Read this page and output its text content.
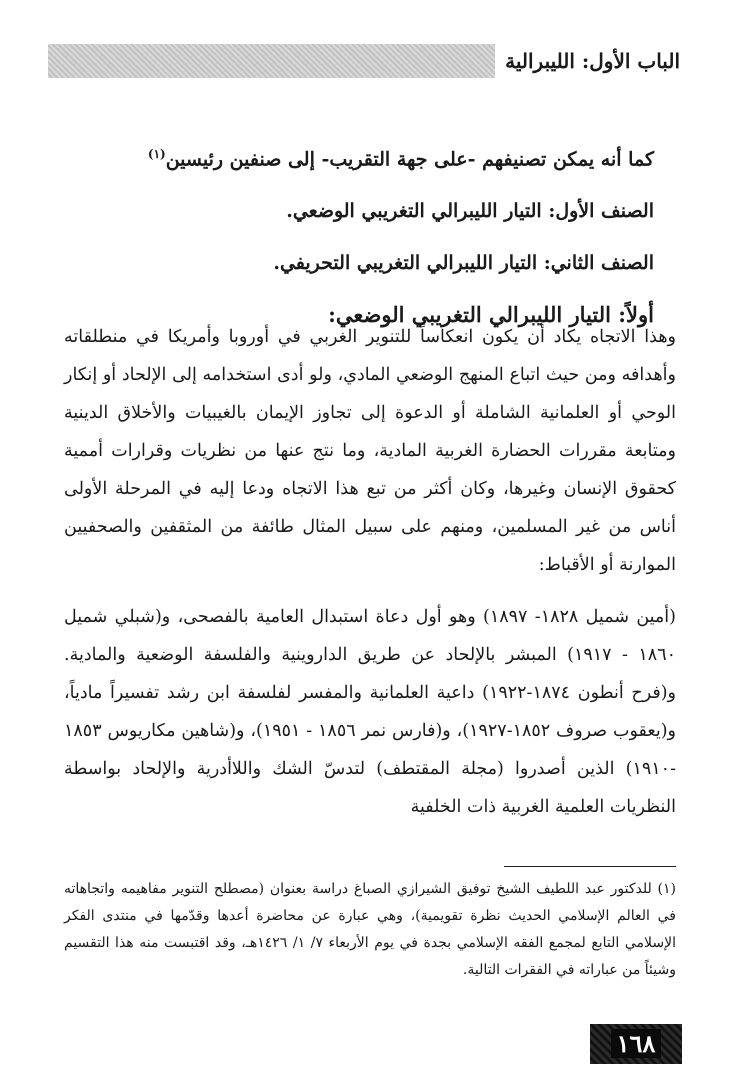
الباب الأول: الليبرالية

كما أنه يمكن تصنيفهم -على جهة التقريب- إلى صنفين رئيسين$^{(١)}$

الصنف الأول: التيار الليبرالي التغريبي الوضعي.

الصنف الثاني: التيار الليبرالي التغريبي التحريفي.

أولاً: التيار الليبرالي التغريبي الوضعي:

وهذا الاتجاه يكاد أن يكون انعكاساً للتنوير الغربي في أوروبا وأمريكا في منطلقاته وأهدافه ومن حيث اتباع المنهج الوضعي المادي، ولو أدى استخدامه إلى الإلحاد أو إنكار الوحي أو العلمانية الشاملة أو الدعوة إلى تجاوز الإيمان بالغيبيات والأخلاق الدينية ومتابعة مقررات الحضارة الغربية المادية، وما نتج عنها من نظريات وقرارات أممية كحقوق الإنسان وغيرها، وكان أكثر من تبع هذا الاتجاه ودعا إليه في المرحلة الأولى أناس من غير المسلمين، ومنهم على سبيل المثال طائفة من المثقفين والصحفيين الموارنة أو الأقباط:

(أمين شميل ١٨٢٨- ١٨٩٧) وهو أول دعاة استبدال العامية بالفصحى، و(شبلي شميل ١٨٦٠ - ١٩١٧) المبشر بالإلحاد عن طريق الداروينية والفلسفة الوضعية والمادية. و(فرح أنطون ١٨٧٤-١٩٢٢) داعية العلمانية والمفسر لفلسفة ابن رشد تفسيراً مادياً، و(يعقوب صروف ١٨٥٢-١٩٢٧)، و(فارس نمر ١٨٥٦ - ١٩٥١)، و(شاهين مكاريوس ١٨٥٣ -١٩١٠) الذين أصدروا (مجلة المقتطف) لتدسّ الشك واللاأدرية والإلحاد بواسطة النظريات العلمية الغربية ذات الخلفية

(١) للدكتور عبد اللطيف الشيخ توفيق الشيرازي الصباغ دراسة بعنوان (مصطلح التنوير مفاهيمه واتجاهاته في العالم الإسلامي الحديث نظرة تقويمية)، وهي عبارة عن محاضرة أعدها وقدّمها في منتدى الفكر الإسلامي التابع لمجمع الفقه الإسلامي بجدة في يوم الأربعاء ٧/ ١/ ١٤٢٦هـ، وقد اقتبست منه هذا التقسيم وشيئاً من عباراته في الفقرات التالية.
١٦٨
